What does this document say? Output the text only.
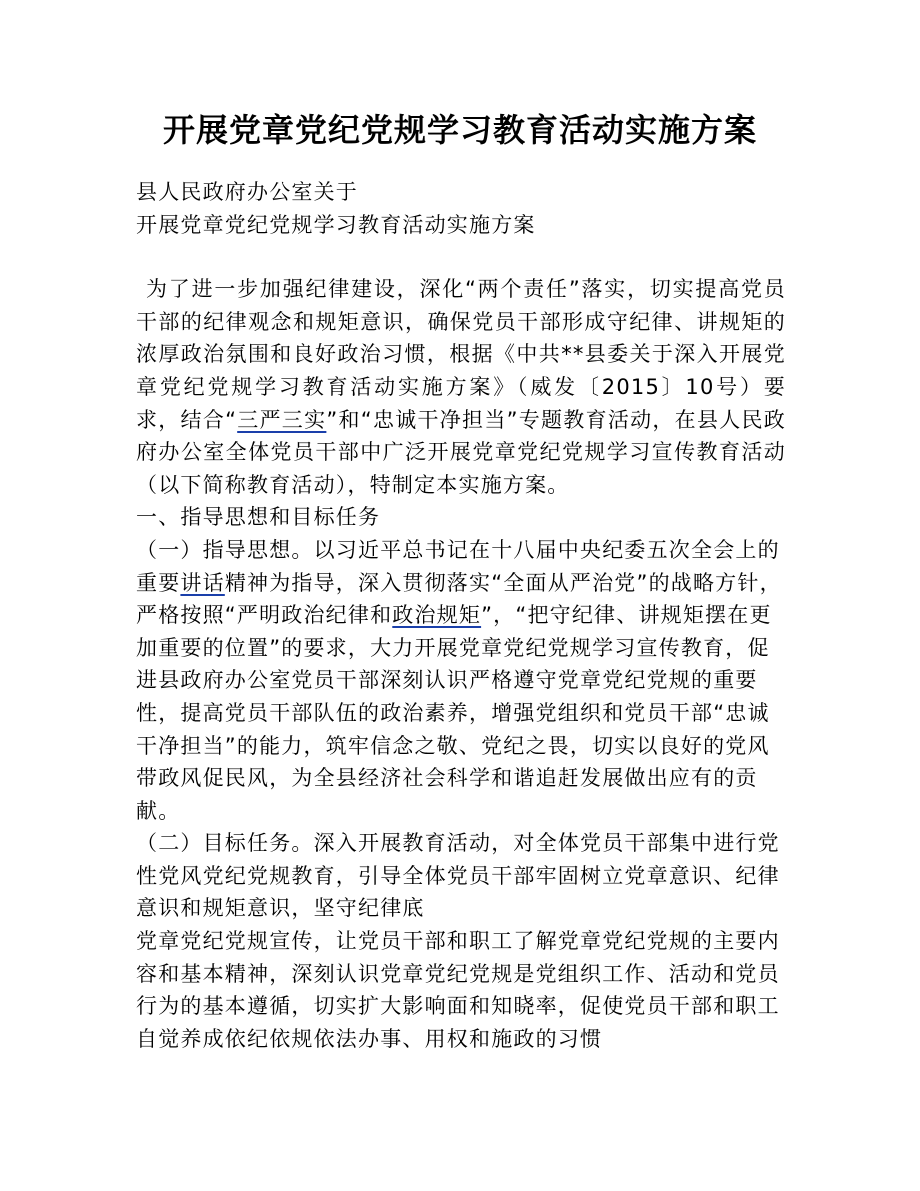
开展党章党纪党规学习教育活动实施方案

县人民政府办公室关于

开展党章党纪党规学习教育活动实施方案

为了进一步加强纪律建设，深化“两个责任”落实，切实提高党员干部的纪律观念和规矩意识，确保党员干部形成守纪律、讲规矩的浓厚政治氛围和良好政治习惯，根据《中共**县委关于深入开展党章党纪党规学习教育活动实施方案》（威发〔2015〕10号）要求，结合“三严三实”和“忠诚干净担当”专题教育活动，在县人民政府办公室全体党员干部中广泛开展党章党纪党规学习宣传教育活动（以下简称教育活动），特制定本实施方案。

一、指导思想和目标任务

（一）指导思想。以习近平总书记在十八届中央纪委五次全会上的重要讲话精神为指导，深入贯彻落实“全面从严治党”的战略方针，严格按照“严明政治纪律和政治规矩”，“把守纪律、讲规矩摆在更加重要的位置”的要求，大力开展党章党纪党规学习宣传教育，促进县政府办公室党员干部深刻认识严格遵守党章党纪党规的重要性，提高党员干部队伍的政治素养，增强党组织和党员干部“忠诚干净担当”的能力，筑牢信念之敬、党纪之畏，切实以良好的党风带政风促民风，为全县经济社会科学和谐追赶发展做出应有的贡献。

（二）目标任务。深入开展教育活动，对全体党员干部集中进行党性党风党纪党规教育，引导全体党员干部牢固树立党章意识、纪律意识和规矩意识，坚守纪律底

党章党纪党规宣传，让党员干部和职工了解党章党纪党规的主要内容和基本精神，深刻认识党章党纪党规是党组织工作、活动和党员行为的基本遵循，切实扩大影响面和知晓率，促使党员干部和职工自觉养成依纪依规依法办事、用权和施政的习惯
